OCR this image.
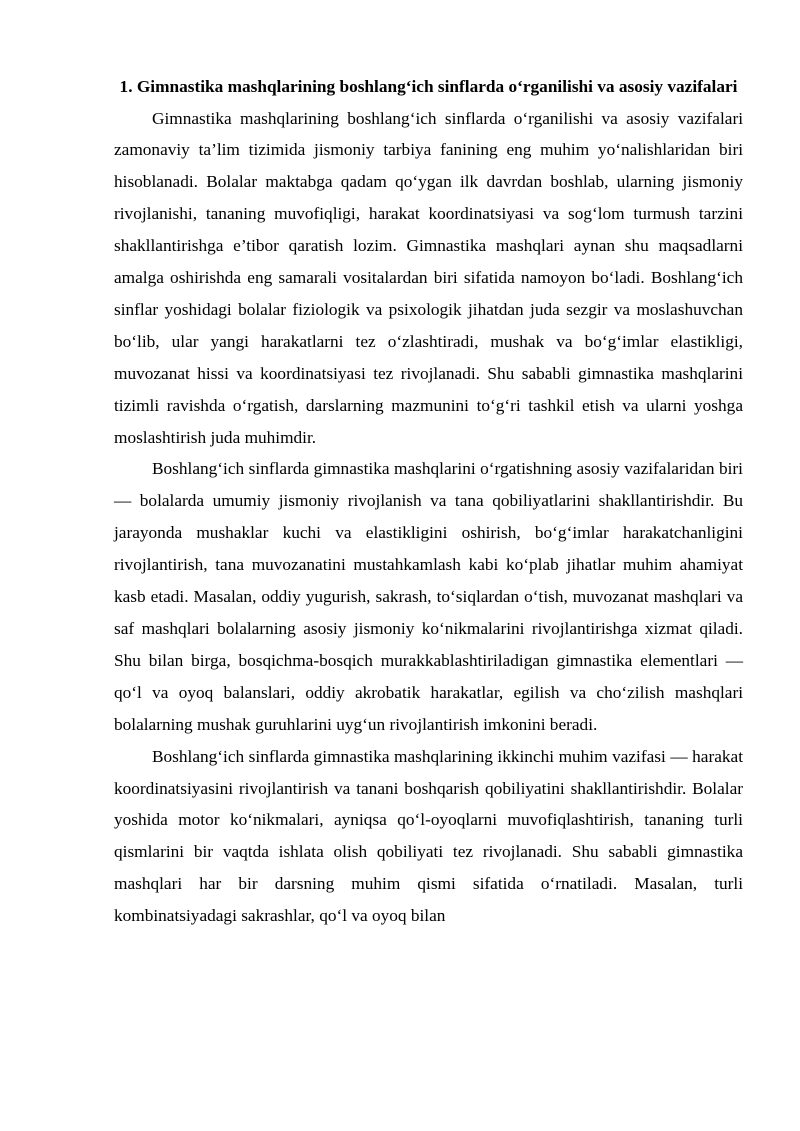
1. Gimnastika mashqlarining boshlang‘ich sinflarda o‘rganilishi va asosiy vazifalari

Gimnastika mashqlarining boshlang‘ich sinflarda o‘rganilishi va asosiy vazifalari zamonaviy ta’lim tizimida jismoniy tarbiya fanining eng muhim yo‘nalishlaridan biri hisoblanadi. Bolalar maktabga qadam qo‘ygan ilk davrdan boshlab, ularning jismoniy rivojlanishi, tananing muvofiqligi, harakat koordinatsiyasi va sog‘lom turmush tarzini shakllantirishga e’tibor qaratish lozim. Gimnastika mashqlari aynan shu maqsadlarni amalga oshirishda eng samarali vositalardan biri sifatida namoyon bo‘ladi. Boshlang‘ich sinflar yoshidagi bolalar fiziologik va psixologik jihatdan juda sezgir va moslashuvchan bo‘lib, ular yangi harakatlarni tez o‘zlashtiradi, mushak va bo‘g‘imlar elastikligi, muvozanat hissi va koordinatsiyasi tez rivojlanadi. Shu sababli gimnastika mashqlarini tizimli ravishda o‘rgatish, darslarning mazmunini to‘g‘ri tashkil etish va ularni yoshga moslashtirish juda muhimdir.

Boshlang‘ich sinflarda gimnastika mashqlarini o‘rgatishning asosiy vazifalaridan biri — bolalarda umumiy jismoniy rivojlanish va tana qobiliyatlarini shakllantirishdir. Bu jarayonda mushaklar kuchi va elastikligini oshirish, bo‘g‘imlar harakatchanligini rivojlantirish, tana muvozanatini mustahkamlash kabi ko‘plab jihatlar muhim ahamiyat kasb etadi. Masalan, oddiy yugurish, sakrash, to‘siqlardan o‘tish, muvozanat mashqlari va saf mashqlari bolalarning asosiy jismoniy ko‘nikmalarini rivojlantirishga xizmat qiladi. Shu bilan birga, bosqichma-bosqich murakkablashtiriladigan gimnastika elementlari — qo‘l va oyoq balanslari, oddiy akrobatik harakatlar, egilish va cho‘zilish mashqlari bolalarning mushak guruhlarini uyg‘un rivojlantirish imkonini beradi.

Boshlang‘ich sinflarda gimnastika mashqlarining ikkinchi muhim vazifasi — harakat koordinatsiyasini rivojlantirish va tanani boshqarish qobiliyatini shakllantirishdir. Bolalar yoshida motor ko‘nikmalari, ayniqsa qo‘l-oyoqlarni muvofiqlashtirish, tananing turli qismlarini bir vaqtda ishlata olish qobiliyati tez rivojlanadi. Shu sababli gimnastika mashqlari har bir darsning muhim qismi sifatida o‘rnatiladi. Masalan, turli kombinatsiyadagi sakrashlar, qo‘l va oyoq bilan
